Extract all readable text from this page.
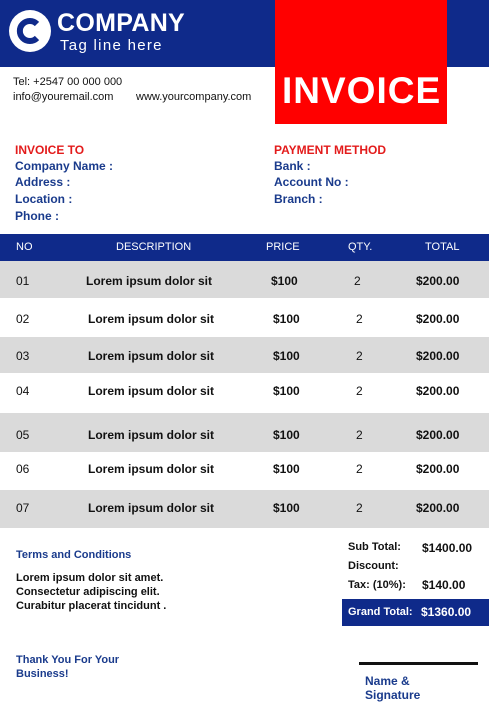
COMPANY
Tag line here
INVOICE
Tel: +2547 00 000 000
info@youremail.com www.yourcompany.com
INVOICE TO
Company Name :
Address :
Location :
Phone :
PAYMENT METHOD
Bank :
Account No :
Branch :
NO	DESCRIPTION	PRICE	QTY.	TOTAL
01	Lorem ipsum dolor sit	$100	2	$200.00
02	Lorem ipsum dolor sit	$100	2	$200.00
03	Lorem ipsum dolor sit	$100	2	$200.00
04	Lorem ipsum dolor sit	$100	2	$200.00
05	Lorem ipsum dolor sit	$100	2	$200.00
06	Lorem ipsum dolor sit	$100	2	$200.00
07	Lorem ipsum dolor sit	$100	2	$200.00
Terms and Conditions
Lorem ipsum dolor sit amet.
Consectetur adipiscing elit.
Curabitur placerat tincidunt .
Sub Total: $1400.00
Discount:
Tax: (10%): $140.00
Grand Total: $1360.00
Thank You For Your Business!	Name & Signature
